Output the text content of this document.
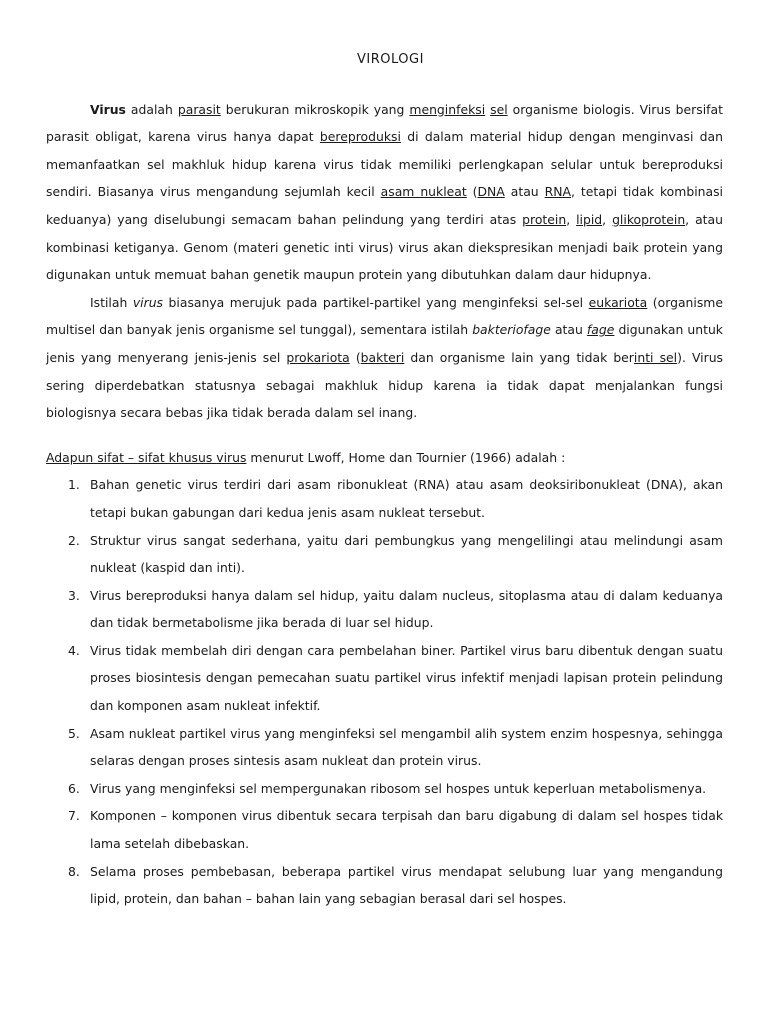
VIROLOGI

Virus adalah parasit berukuran mikroskopik yang menginfeksi sel organisme biologis. Virus bersifat parasit obligat, karena virus hanya dapat bereproduksi di dalam material hidup dengan menginvasi dan memanfaatkan sel makhluk hidup karena virus tidak memiliki perlengkapan selular untuk bereproduksi sendiri. Biasanya virus mengandung sejumlah kecil asam nukleat (DNA atau RNA, tetapi tidak kombinasi keduanya) yang diselubungi semacam bahan pelindung yang terdiri atas protein, lipid, glikoprotein, atau kombinasi ketiganya. Genom (materi genetic inti virus) virus akan diekspresikan menjadi baik protein yang digunakan untuk memuat bahan genetik maupun protein yang dibutuhkan dalam daur hidupnya.

Istilah virus biasanya merujuk pada partikel-partikel yang menginfeksi sel-sel eukariota (organisme multisel dan banyak jenis organisme sel tunggal), sementara istilah bakteriofage atau fage digunakan untuk jenis yang menyerang jenis-jenis sel prokariota (bakteri dan organisme lain yang tidak berinti sel). Virus sering diperdebatkan statusnya sebagai makhluk hidup karena ia tidak dapat menjalankan fungsi biologisnya secara bebas jika tidak berada dalam sel inang.

Adapun sifat – sifat khusus virus menurut Lwoff, Home dan Tournier (1966) adalah :

1. Bahan genetic virus terdiri dari asam ribonukleat (RNA) atau asam deoksiribonukleat (DNA), akan tetapi bukan gabungan dari kedua jenis asam nukleat tersebut.
2. Struktur virus sangat sederhana, yaitu dari pembungkus yang mengelilingi atau melindungi asam nukleat (kaspid dan inti).
3. Virus bereproduksi hanya dalam sel hidup, yaitu dalam nucleus, sitoplasma atau di dalam keduanya dan tidak bermetabolisme jika berada di luar sel hidup.
4. Virus tidak membelah diri dengan cara pembelahan biner. Partikel virus baru dibentuk dengan suatu proses biosintesis dengan pemecahan suatu partikel virus infektif menjadi lapisan protein pelindung dan komponen asam nukleat infektif.
5. Asam nukleat partikel virus yang menginfeksi sel mengambil alih system enzim hospesnya, sehingga selaras dengan proses sintesis asam nukleat dan protein virus.
6. Virus yang menginfeksi sel mempergunakan ribosom sel hospes untuk keperluan metabolismenya.
7. Komponen – komponen virus dibentuk secara terpisah dan baru digabung di dalam sel hospes tidak lama setelah dibebaskan.
8. Selama proses pembebasan, beberapa partikel virus mendapat selubung luar yang mengandung lipid, protein, dan bahan – bahan lain yang sebagian berasal dari sel hospes.
